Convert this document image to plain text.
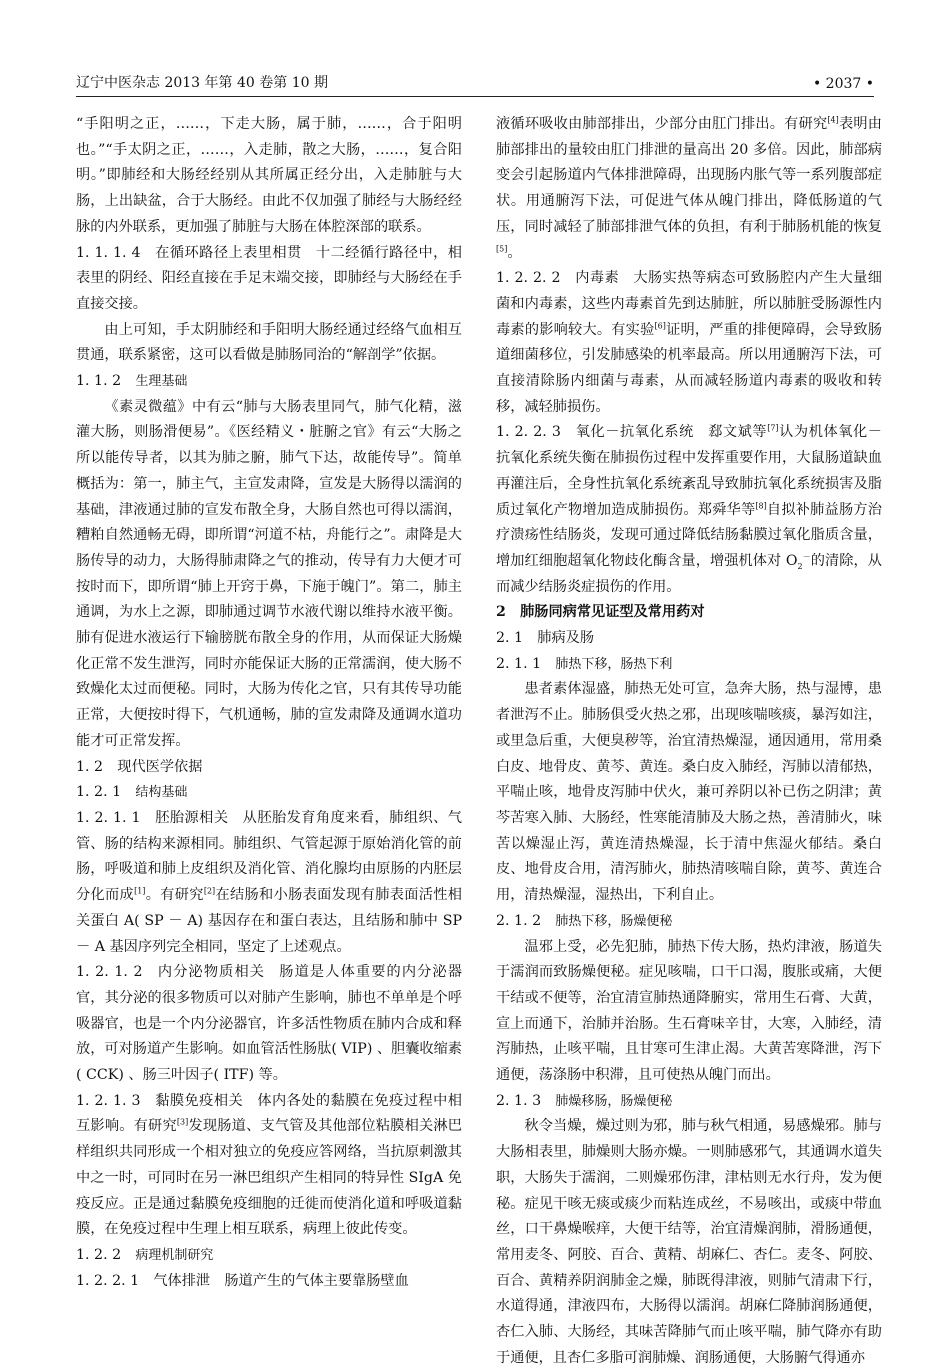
辽宁中医杂志 2013 年第 40 卷第 10 期	• 2037 •

“手阳明之正，……，下走大肠，属于肺，……，合于阳明也。”“手太阴之正，……，入走肺，散之大肠，……，复合阳明。”即肺经和大肠经经别从其所属正经分出，入走肺脏与大肠，上出缺盆，合于大肠经。由此不仅加强了肺经与大肠经经脉的内外联系，更加强了肺脏与大肠在体腔深部的联系。

1. 1. 1. 4 在循环路径上表里相贯 十二经循行路径中，相表里的阴经、阳经直接在手足末端交接，即肺经与大肠经在手直接交接。

由上可知，手太阴肺经和手阳明大肠经通过经络气血相互贯通，联系紧密，这可以看做是肺肠同治的“解剖学”依据。

1. 1. 2 生理基础

《素灵微蕴》中有云“肺与大肠表里同气，肺气化精，滋灌大肠，则肠滑便易”。《医经精义・脏腑之官》有云“大肠之所以能传导者，以其为肺之腑，肺气下达，故能传导”。简单概括为：第一，肺主气，主宣发肃降，宣发是大肠得以濡润的基础，津液通过肺的宣发布散全身，大肠自然也可得以濡润，糟粕自然通畅无碍，即所谓“河道不枯，舟能行之”。肃降是大肠传导的动力，大肠得肺肃降之气的推动，传导有力大便才可按时而下，即所谓“肺上开窍于鼻，下施于魄门”。第二，肺主通调，为水上之源，即肺通过调节水液代谢以维持水液平衡。肺有促进水液运行下输膀胱布散全身的作用，从而保证大肠燥化正常不发生泄泻，同时亦能保证大肠的正常濡润，使大肠不致燥化太过而便秘。同时，大肠为传化之官，只有其传导功能正常，大便按时得下，气机通畅，肺的宣发肃降及通调水道功能才可正常发挥。

1. 2 现代医学依据

1. 2. 1 结构基础

1. 2. 1. 1 胚胎源相关 从胚胎发育角度来看，肺组织、气管、肠的结构来源相同。肺组织、气管起源于原始消化管的前肠，呼吸道和肺上皮组织及消化管、消化腺均由原肠的内胚层分化而成[1]。有研究[2]在结肠和小肠表面发现有肺表面活性相关蛋白 A( SP － A) 基因存在和蛋白表达，且结肠和肺中 SP － A 基因序列完全相同，坚定了上述观点。

1. 2. 1. 2 内分泌物质相关 肠道是人体重要的内分泌器官，其分泌的很多物质可以对肺产生影响，肺也不单单是个呼吸器官，也是一个内分泌器官，许多活性物质在肺内合成和释放，可对肠道产生影响。如血管活性肠肽( VIP) 、胆囊收缩素( CCK) 、肠三叶因子( ITF) 等。

1. 2. 1. 3 黏膜免疫相关 体内各处的黏膜在免疫过程中相互影响。有研究[3]发现肠道、支气管及其他部位粘膜相关淋巴样组织共同形成一个相对独立的免疫应答网络，当抗原刺激其中之一时，可同时在另一淋巴组织产生相同的特异性 SIgA 免疫反应。正是通过黏膜免疫细胞的迁徙而使消化道和呼吸道黏膜，在免疫过程中生理上相互联系，病理上彼此传变。

1. 2. 2 病理机制研究

1. 2. 2. 1 气体排泄 肠道产生的气体主要靠肠壁血

液循环吸收由肺部排出，少部分由肛门排出。有研究[4]表明由肺部排出的量较由肛门排泄的量高出 20 多倍。因此，肺部病变会引起肠道内气体排泄障碍，出现肠内胀气等一系列腹部症状。用通腑泻下法，可促进气体从魄门排出，降低肠道的气压，同时减轻了肺部排泄气体的负担，有利于肺肠机能的恢复[5]。

1. 2. 2. 2 内毒素 大肠实热等病态可致肠腔内产生大量细菌和内毒素，这些内毒素首先到达肺脏，所以肺脏受肠源性内毒素的影响较大。有实验[6]证明，严重的排便障碍，会导致肠道细菌移位，引发肺感染的机率最高。所以用通腑泻下法，可直接清除肠内细菌与毒素，从而减轻肠道内毒素的吸收和转移，减轻肺损伤。

1. 2. 2. 3 氧化－抗氧化系统 郄文斌等[7]认为机体氧化－抗氧化系统失衡在肺损伤过程中发挥重要作用，大鼠肠道缺血再灌注后，全身性抗氧化系统紊乱导致肺抗氧化系统损害及脂质过氧化产物增加造成肺损伤。郑舜华等[8]自拟补肺益肠方治疗溃疡性结肠炎，发现可通过降低结肠黏膜过氧化脂质含量，增加红细胞超氧化物歧化酶含量，增强机体对 $O_2^-$的清除，从而减少结肠炎症损伤的作用。

2 肺肠同病常见证型及常用药对

2. 1 肺病及肠

2. 1. 1 肺热下移，肠热下利

患者素体湿盛，肺热无处可宣，急奔大肠，热与湿博，患者泄泻不止。肺肠俱受火热之邪，出现咳喘咳痰，暴泻如注，或里急后重，大便臭秽等，治宜清热燥湿，通因通用，常用桑白皮、地骨皮、黄芩、黄连。桑白皮入肺经，泻肺以清郁热，平喘止咳，地骨皮泻肺中伏火，兼可养阴以补已伤之阴津；黄芩苦寒入肺、大肠经，性寒能清肺及大肠之热，善清肺火，味苦以燥湿止泻，黄连清热燥湿，长于清中焦湿火郁结。桑白皮、地骨皮合用，清泻肺火，肺热清咳喘自除，黄芩、黄连合用，清热燥湿，湿热出，下利自止。

2. 1. 2 肺热下移，肠燥便秘

温邪上受，必先犯肺，肺热下传大肠，热灼津液，肠道失于濡润而致肠燥便秘。症见咳喘，口干口渴，腹胀或痛，大便干结或不便等，治宜清宣肺热通降腑实，常用生石膏、大黄，宣上而通下，治肺并治肠。生石膏味辛甘，大寒，入肺经，清泻肺热，止咳平喘，且甘寒可生津止渴。大黄苦寒降泄，泻下通便，荡涤肠中积滞，且可使热从魄门而出。

2. 1. 3 肺燥移肠，肠燥便秘

秋令当燥，燥过则为邪，肺与秋气相通，易感燥邪。肺与大肠相表里，肺燥则大肠亦燥。一则肺感邪气，其通调水道失职，大肠失于濡润，二则燥邪伤津，津枯则无水行舟，发为便秘。症见干咳无痰或痰少而粘连成丝，不易咳出，或痰中带血丝，口干鼻燥喉痒，大便干结等，治宜清燥润肺，滑肠通便，常用麦冬、阿胶、百合、黄精、胡麻仁、杏仁。麦冬、阿胶、百合、黄精养阴润肺金之燥，肺既得津液，则肺气清肃下行，水道得通，津液四布，大肠得以濡润。胡麻仁降肺润肠通便，杏仁入肺、大肠经，其味苦降肺气而止咳平喘，肺气降亦有助于通便，且杏仁多脂可润肺燥、润肠通便，大肠腑气得通亦
